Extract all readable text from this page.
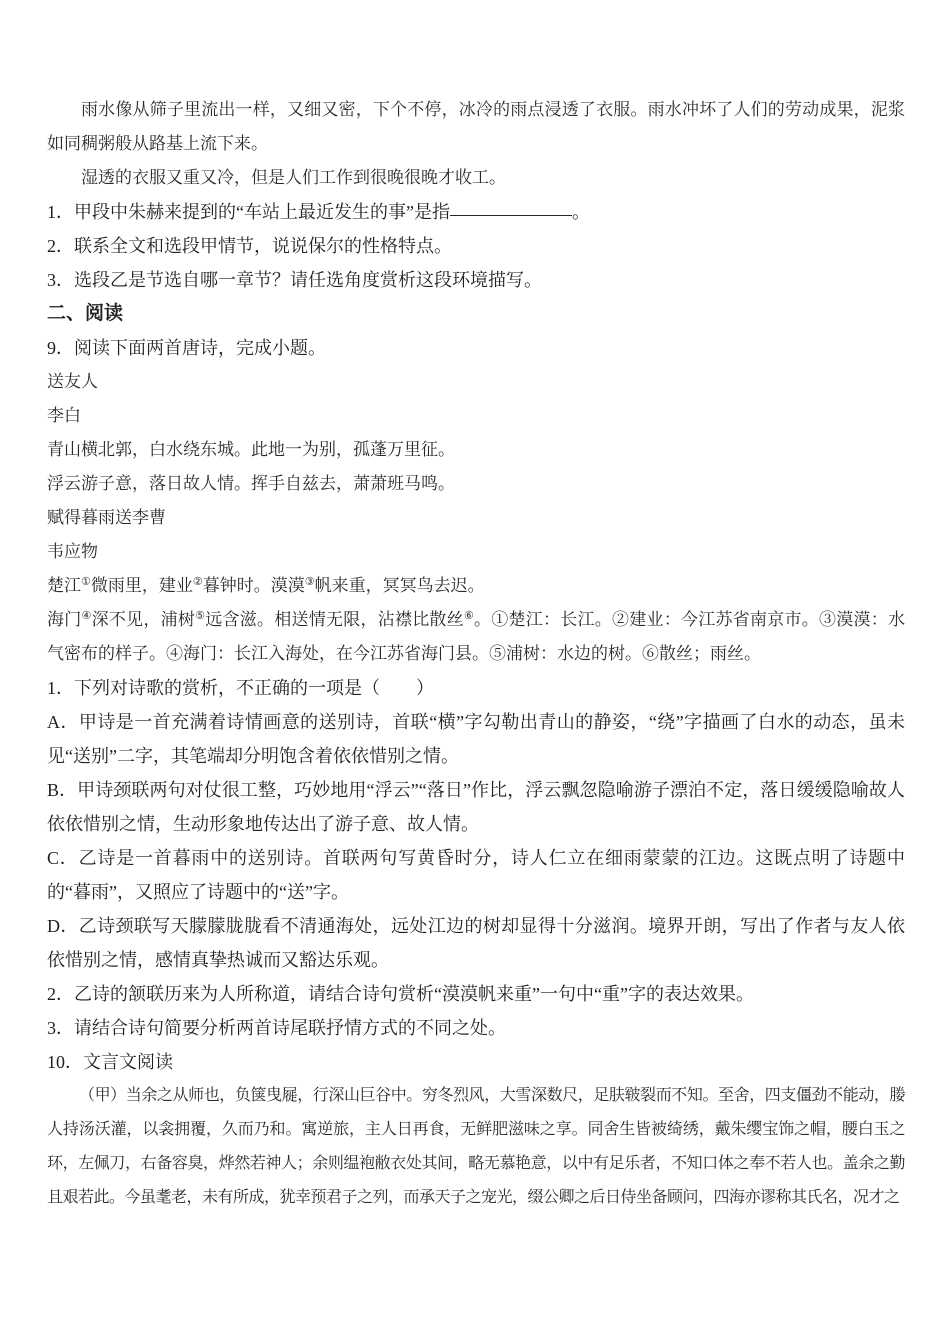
雨水像从筛子里流出一样，又细又密，下个不停，冰冷的雨点浸透了衣服。雨水冲坏了人们的劳动成果，泥浆如同稠粥般从路基上流下来。

湿透的衣服又重又冷，但是人们工作到很晚很晚才收工。

1．甲段中朱赫来提到的“车站上最近发生的事”是指	。

2．联系全文和选段甲情节，说说保尔的性格特点。

3．选段乙是节选自哪一章节？请任选角度赏析这段环境描写。

二、阅读

9．阅读下面两首唐诗，完成小题。

送友人

李白

青山横北郭，白水绕东城。此地一为别，孤蓬万里征。

浮云游子意，落日故人情。挥手自兹去，萧萧班马鸣。

赋得暮雨送李曹

韦应物

楚江①微雨里，建业②暮钟时。漠漠③帆来重，冥冥鸟去迟。

海门④深不见，浦树⑤远含滋。相送情无限，沾襟比散丝⑥。①楚江：长江。②建业：今江苏省南京市。③漠漠：水气密布的样子。④海门：长江入海处，在今江苏省海门县。⑤浦树：水边的树。⑥散丝；雨丝。

1．下列对诗歌的赏析，不正确的一项是（　　）

A．甲诗是一首充满着诗情画意的送别诗，首联“横”字勾勒出青山的静姿，“绕”字描画了白水的动态，虽未见“送别”二字，其笔端却分明饱含着依依惜别之情。

B．甲诗颈联两句对仗很工整，巧妙地用“浮云”“落日”作比，浮云飘忽隐喻游子漂泊不定，落日缓缓隐喻故人依依惜别之情，生动形象地传达出了游子意、故人情。

C．乙诗是一首暮雨中的送别诗。首联两句写黄昏时分，诗人仁立在细雨蒙蒙的江边。这既点明了诗题中的“暮雨”，又照应了诗题中的“送”字。

D．乙诗颈联写天朦朦胧胧看不清通海处，远处江边的树却显得十分滋润。境界开朗，写出了作者与友人依依惜别之情，感情真挚热诚而又豁达乐观。

2．乙诗的颔联历来为人所称道，请结合诗句赏析“漠漠帆来重”一句中“重”字的表达效果。

3．请结合诗句简要分析两首诗尾联抒情方式的不同之处。

10．文言文阅读

（甲）当余之从师也，负箧曳屣，行深山巨谷中。穷冬烈风，大雪深数尺，足肤皲裂而不知。至舍，四支僵劲不能动，媵人持汤沃灌，以衾拥覆，久而乃和。寓逆旅，主人日再食，无鲜肥滋味之享。同舍生皆被绮绣，戴朱缨宝饰之帽，腰白玉之环，左佩刀，右备容臭，烨然若神人；余则缊袍敝衣处其间，略无慕艳意，以中有足乐者，不知口体之奉不若人也。盖余之勤且艰若此。今虽耄老，未有所成，犹幸预君子之列，而承天子之宠光，缀公卿之后日侍坐备顾问，四海亦谬称其氏名，况才之
